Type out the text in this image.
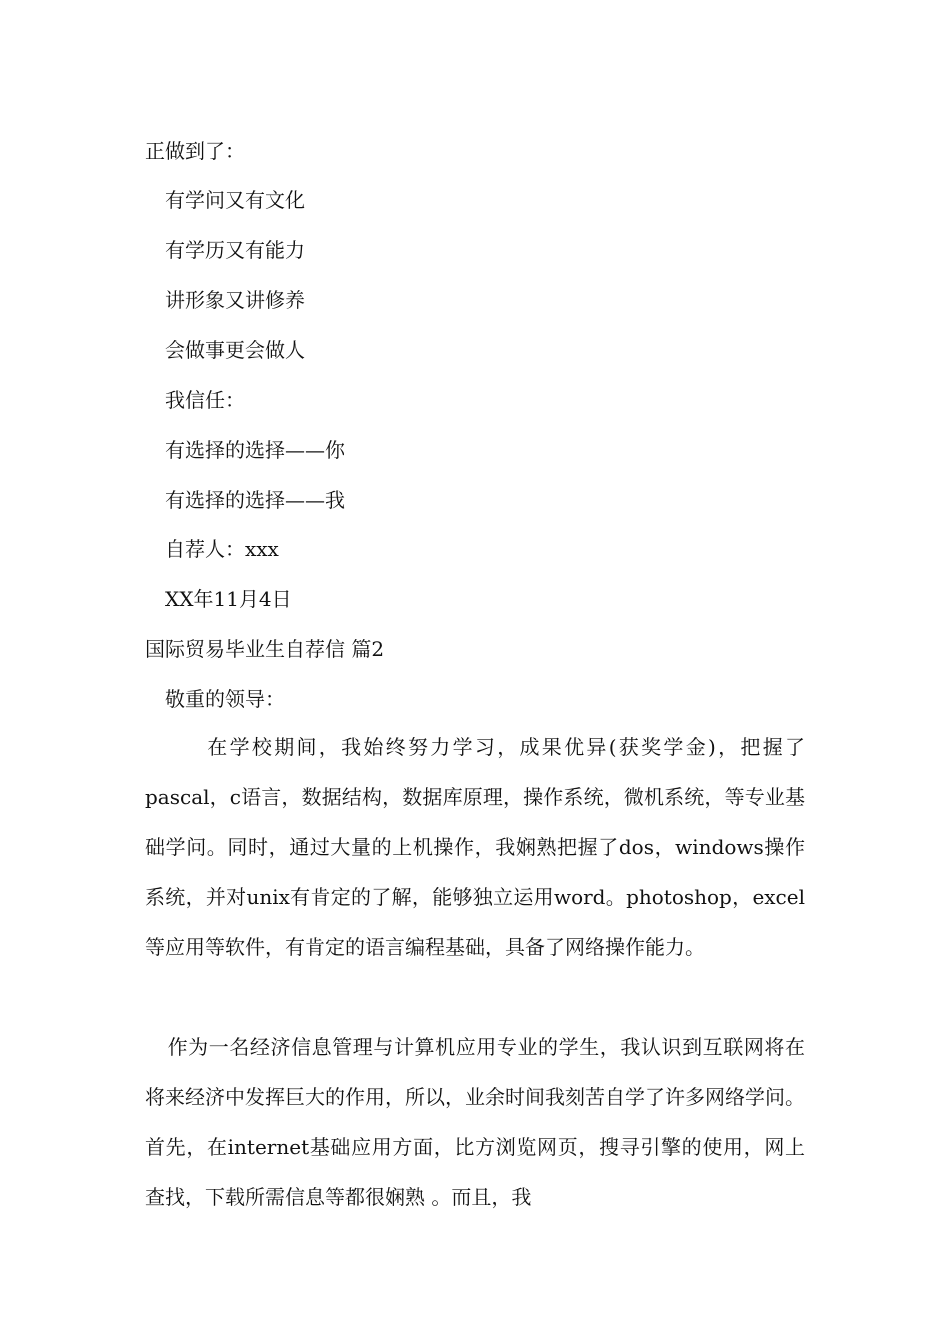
正做到了：
有学问又有文化
有学历又有能力
讲形象又讲修养
会做事更会做人
我信任：
有选择的选择——你
有选择的选择——我
自荐人：xxx
XX年11月4日
国际贸易毕业生自荐信 篇2
敬重的领导：
在学校期间，我始终努力学习，成果优异(获奖学金)，把握了pascal，c语言，数据结构，数据库原理，操作系统，微机系统，等专业基础学问。同时，通过大量的上机操作，我娴熟把握了dos，windows操作系统，并对unix有肯定的了解，能够独立运用word。photoshop，excel等应用等软件，有肯定的语言编程基础，具备了网络操作能力。
作为一名经济信息管理与计算机应用专业的学生，我认识到互联网将在将来经济中发挥巨大的作用，所以，业余时间我刻苦自学了许多网络学问。首先，在internet基础应用方面，比方浏览网页，搜寻引擎的使用，网上查找，下载所需信息等都很娴熟 。而且，我
